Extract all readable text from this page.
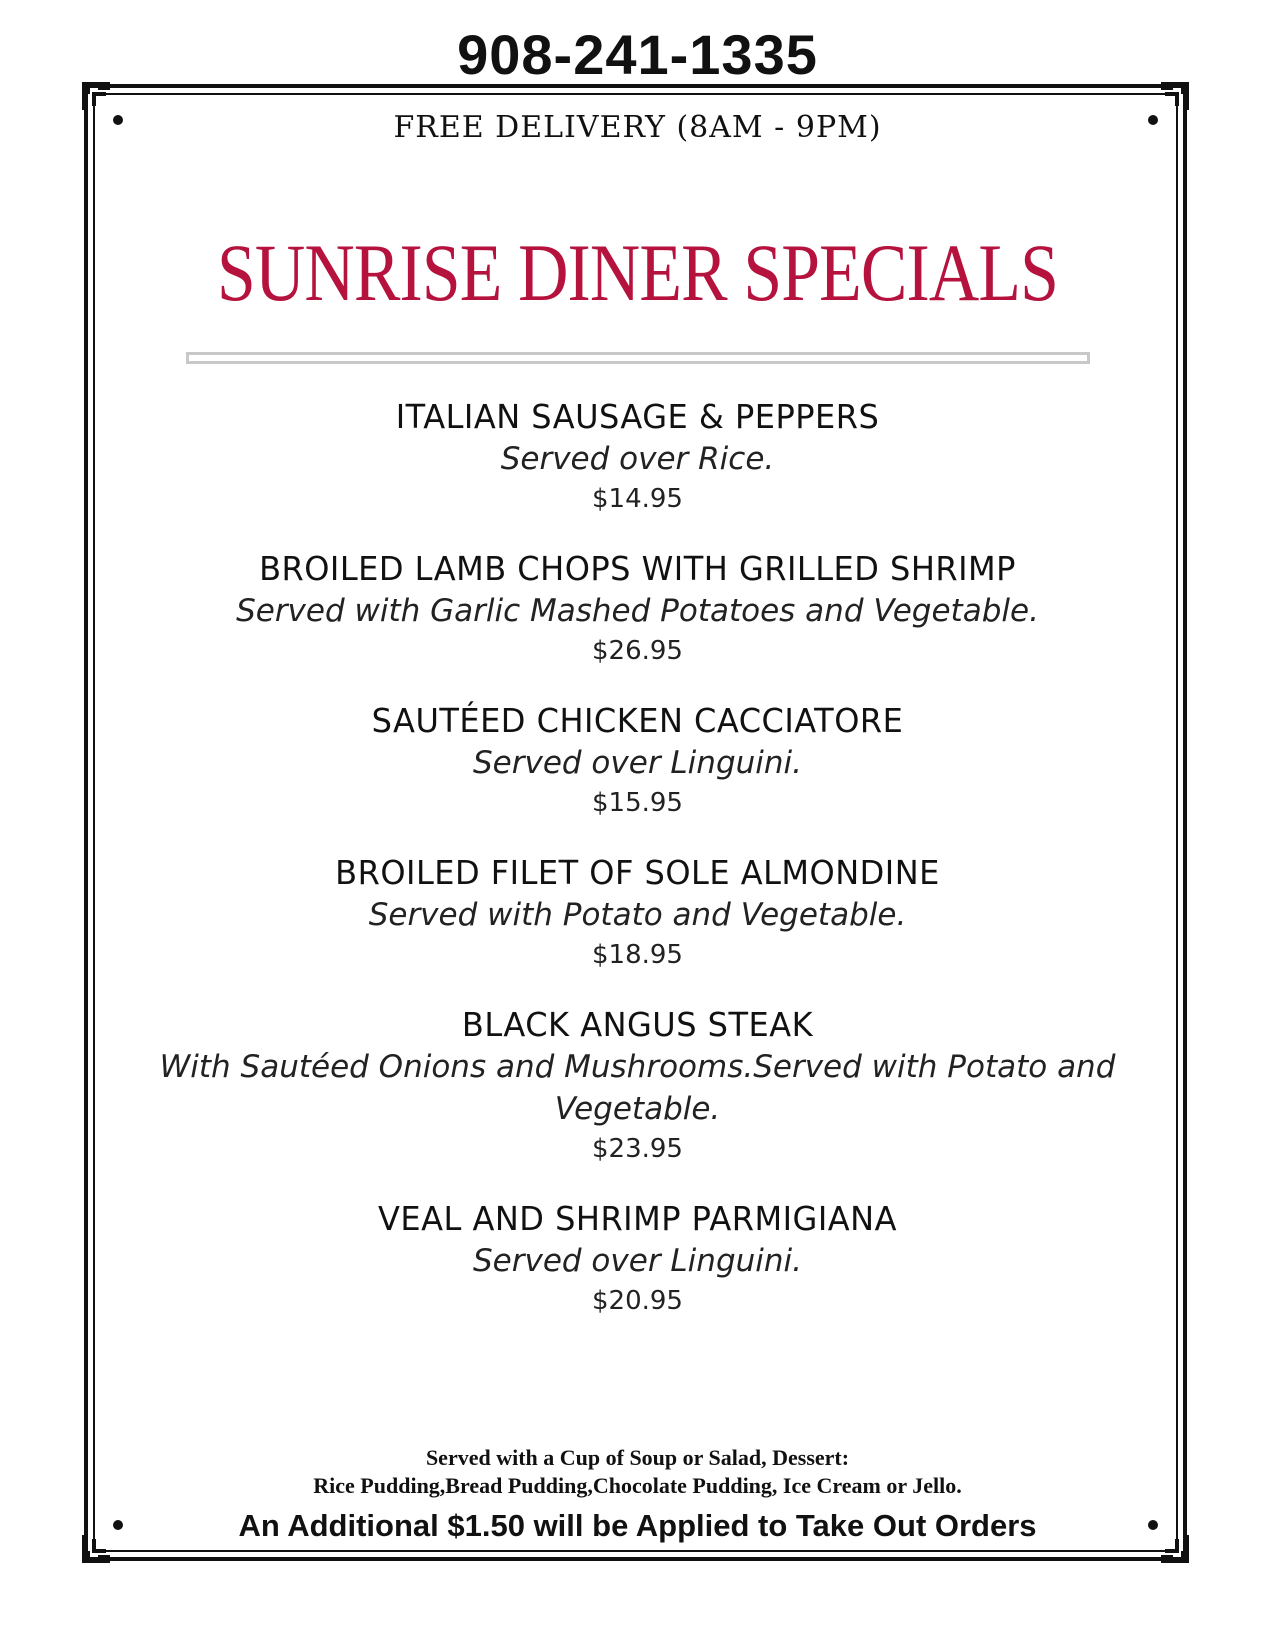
908-241-1335
FREE DELIVERY (8AM - 9PM)
SUNRISE DINER SPECIALS
ITALIAN SAUSAGE & PEPPERS
Served over Rice.
$14.95
BROILED LAMB CHOPS WITH GRILLED SHRIMP
Served with Garlic Mashed Potatoes and Vegetable.
$26.95
SAUTÉED CHICKEN CACCIATORE
Served over Linguini.
$15.95
BROILED FILET OF SOLE ALMONDINE
Served with Potato and Vegetable.
$18.95
BLACK ANGUS STEAK
With Sautéed Onions and Mushrooms.Served with Potato and Vegetable.
$23.95
VEAL AND SHRIMP PARMIGIANA
Served over Linguini.
$20.95
Served with a Cup of Soup or Salad, Dessert:
Rice Pudding,Bread Pudding,Chocolate Pudding, Ice Cream or Jello.
An Additional $1.50 will be Applied to Take Out Orders
